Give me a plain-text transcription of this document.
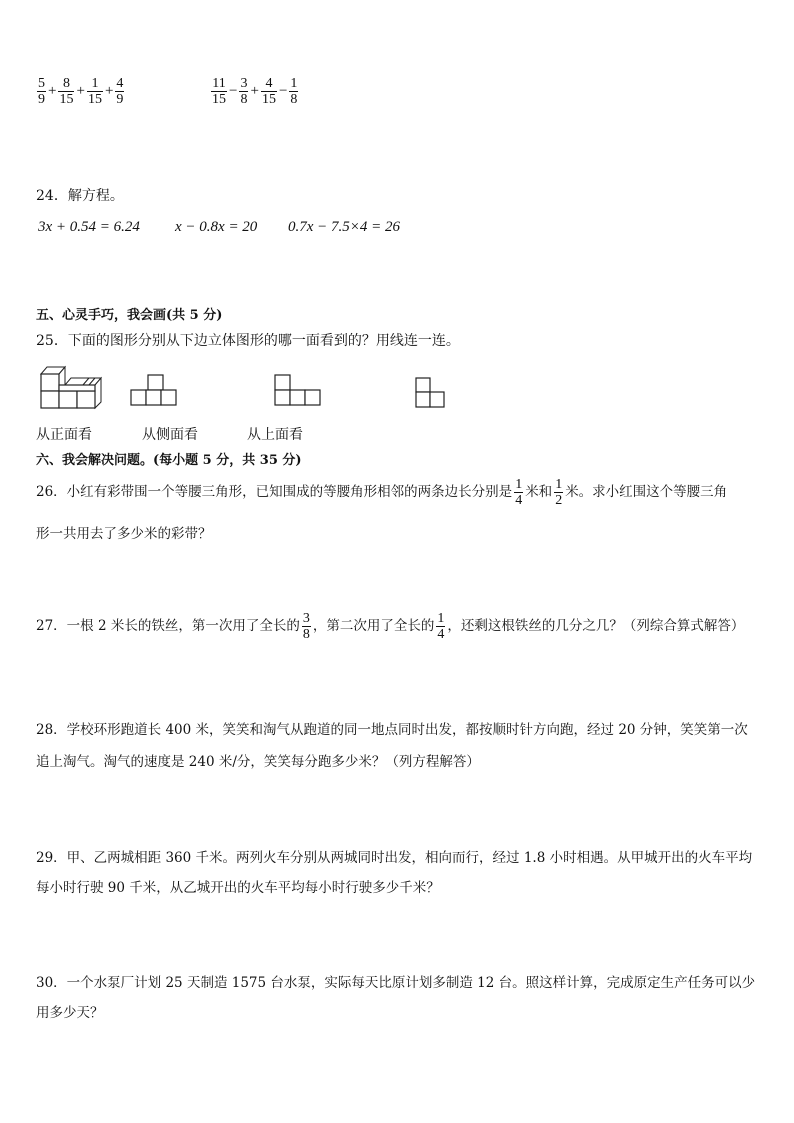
$\frac{5}{9} + \frac{8}{15} + \frac{1}{15} + \frac{4}{9}$	$\frac{11}{15} - \frac{3}{8} + \frac{4}{15} - \frac{1}{8}$
24．解方程。
3x + 0.54 = 6.24 x − 0.8x = 20 0.7x − 7.5×4 = 26
五、心灵手巧，我会画(共 5 分)
25．下面的图形分别从下边立体图形的哪一面看到的？用线连一连。
从正面看	从侧面看	从上面看
六、我会解决问题。(每小题 5 分，共 35 分)
26．小红有彩带围一个等腰三角形，已知围成的等腰角形相邻的两条边长分别是 $\frac{1}{4}$ 米和 $\frac{1}{2}$ 米。求小红围这个等腰三角
形一共用去了多少米的彩带？
27．一根 2 米长的铁丝，第一次用了全长的 $\frac{3}{8}$ ，第二次用了全长的 $\frac{1}{4}$ ，还剩这根铁丝的几分之几？（列综合算式解答）
28．学校环形跑道长 400 米，笑笑和淘气从跑道的同一地点同时出发，都按顺时针方向跑，经过 20 分钟，笑笑第一次
追上淘气。淘气的速度是 240 米/分，笑笑每分跑多少米？（列方程解答）
29．甲、乙两城相距 360 千米。两列火车分别从两城同时出发，相向而行，经过 1.8 小时相遇。从甲城开出的火车平均
每小时行驶 90 千米，从乙城开出的火车平均每小时行驶多少千米？
30．一个水泵厂计划 25 天制造 1575 台水泵，实际每天比原计划多制造 12 台。照这样计算，完成原定生产任务可以少
用多少天？
